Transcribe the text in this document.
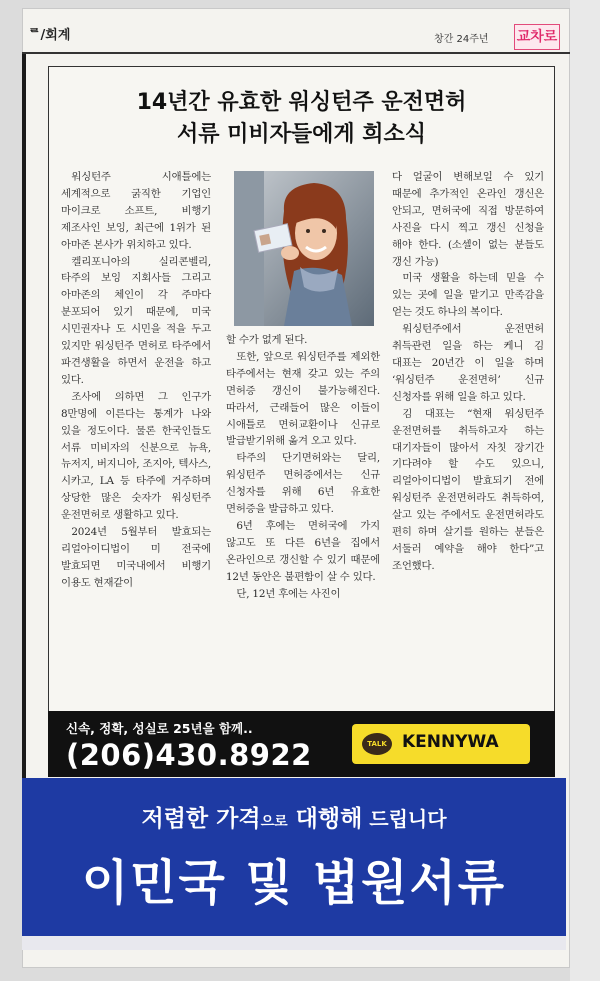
ᄅ/회계	창간 24주년 교차로
14년간 유효한 워싱턴주 운전면허
서류 미비자들에게 희소식

워싱턴주 시애틀에는 세계적으로 굵직한 기업인 마이크로 소프트, 비행기 제조사인 보잉, 최근에 1위가 된 아마존 본사가 위치하고 있다.

켈리포니아의 실리콘벨리, 타주의 보잉 지회사들 그리고 아마존의 체인이 각 주마다 분포되어 있기 때문에, 미국 시민권자나 도 시민을 적을 두고 있지만 워싱턴주 면허로 타주에서 파견생활을 하면서 운전을 하고 있다.

조사에 의하면 그 인구가 8만명에 이른다는 통계가 나와 있을 정도이다. 물론 한국인들도 서류 미비자의 신분으로 뉴욕, 뉴저지, 버지니아, 조지아, 텍사스, 시카고, LA 등 타주에 거주하며 상당한 많은 숫자가 워싱턴주 운전면허로 생활하고 있다.

2024년 5월부터 발효되는 리얼아이디법이 미 전국에 발효되면 미국내에서 비행기 이용도 현재같이

할 수가 없게 된다.

또한, 앞으로 워싱턴주를 제외한 타주에서는 현재 갖고 있는 주의 면허증 갱신이 불가능해진다. 따라서, 근래들어 많은 이들이 시애틀로 면허교환이나 신규로 발급받기위해 옮겨 오고 있다.

타주의 단기면허와는 달리, 워싱턴주 면허증에서는 신규 신청자를 위해 6년 유효한 면허증을 발급하고 있다.

6년 후에는 면허국에 가지 않고도 또 다른 6년을 집에서 온라인으로 갱신할 수 있기 때문에 12년 동안은 불편함이 살 수 있다.

단, 12년 후에는 사진이

다 얼굴이 변해보일 수 있기 때문에 추가적인 온라인 갱신은 안되고, 면허국에 직접 방문하여 사진을 다시 찍고 갱신 신청을 해야 한다. (소셀이 없는 분들도 갱신 가능)

미국 생활을 하는데 믿을 수 있는 곳에 일을 맡기고 만족감을 얻는 것도 하나의 복이다.

워싱턴주에서 운전면허 취득관련 일을 하는 케니 김 대표는 20년간 이 일을 하며 ‘워싱턴주 운전면허’ 신규 신청자를 위해 일을 하고 있다.

김 대표는 “현재 워싱턴주 운전면허를 취득하고자 하는 대기자들이 많아서 자칫 장기간 기다려야 할 수도 있으니, 리얼아이디법이 발효되기 전에 워싱턴주 운전면허라도 취득하여, 살고 있는 주에서도 운전면허라도 편히 하며 살기를 원하는 분들은 서둘러 예약을 해야 한다”고 조언했다.

신속, 정확, 성실로 25년을 함께..
(206)430.8922	TALK KENNYWA
저렴한 가격으로 대행해 드립니다
이민국 및 법원서류
